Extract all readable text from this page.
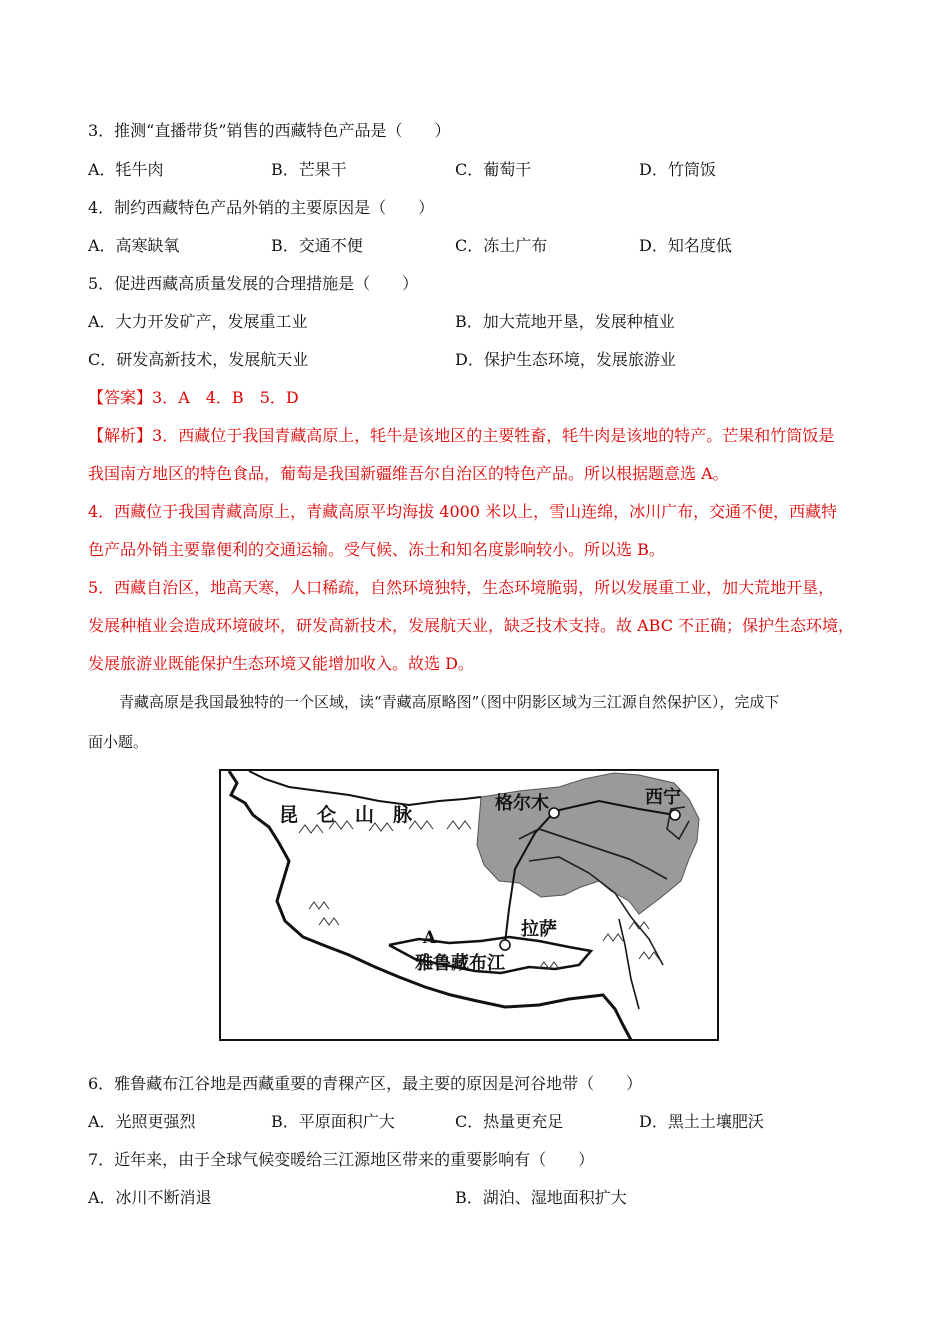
3．推测“直播带货”销售的西藏特色产品是（　　）
A．牦牛肉	B．芒果干	C．葡萄干	D．竹筒饭
4．制约西藏特色产品外销的主要原因是（　　）
A．高寒缺氧	B．交通不便	C．冻土广布	D．知名度低
5．促进西藏高质量发展的合理措施是（　　）
A．大力开发矿产，发展重工业	B．加大荒地开垦，发展种植业
C．研发高新技术，发展航天业	D．保护生态环境，发展旅游业
【答案】3．A　4．B　5．D
【解析】3．西藏位于我国青藏高原上，牦牛是该地区的主要牲畜，牦牛肉是该地的特产。芒果和竹筒饭是
我国南方地区的特色食品，葡萄是我国新疆维吾尔自治区的特色产品。所以根据题意选 A。
4．西藏位于我国青藏高原上，青藏高原平均海拔 4000 米以上，雪山连绵，冰川广布，交通不便，西藏特
色产品外销主要靠便利的交通运输。受气候、冻土和知名度影响较小。所以选 B。
5．西藏自治区，地高天寒，人口稀疏，自然环境独特，生态环境脆弱，所以发展重工业，加大荒地开垦，
发展种植业会造成环境破坏，研发高新技术，发展航天业，缺乏技术支持。故 ABC 不正确；保护生态环境，
发展旅游业既能保护生态环境又能增加收入。故选 D。
青藏高原是我国最独特的一个区域，读“青藏高原略图”（图中阴影区域为三江源自然保护区），完成下
面小题。
昆　仑　山　脉
格尔木	西宁
拉萨
A
雅鲁藏布江
6．雅鲁藏布江谷地是西藏重要的青稞产区，最主要的原因是河谷地带（　　）
A．光照更强烈	B．平原面积广大	C．热量更充足	D．黑土土壤肥沃
7．近年来，由于全球气候变暖给三江源地区带来的重要影响有（　　）
A．冰川不断消退	B．湖泊、湿地面积扩大
